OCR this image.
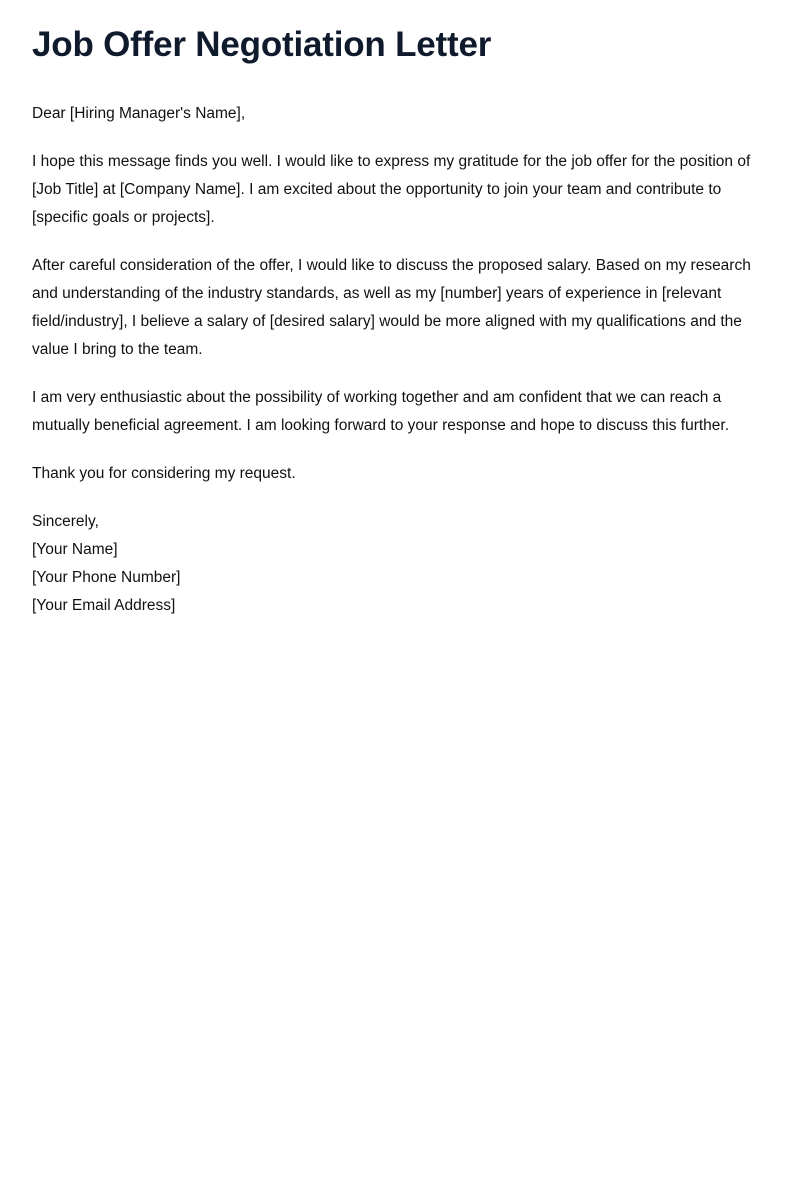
Job Offer Negotiation Letter

Dear [Hiring Manager's Name],

I hope this message finds you well. I would like to express my gratitude for the job offer for the position of [Job Title] at [Company Name]. I am excited about the opportunity to join your team and contribute to [specific goals or projects].

After careful consideration of the offer, I would like to discuss the proposed salary. Based on my research and understanding of the industry standards, as well as my [number] years of experience in [relevant field/industry], I believe a salary of [desired salary] would be more aligned with my qualifications and the value I bring to the team.

I am very enthusiastic about the possibility of working together and am confident that we can reach a mutually beneficial agreement. I am looking forward to your response and hope to discuss this further.

Thank you for considering my request.

Sincerely,
[Your Name]
[Your Phone Number]
[Your Email Address]
